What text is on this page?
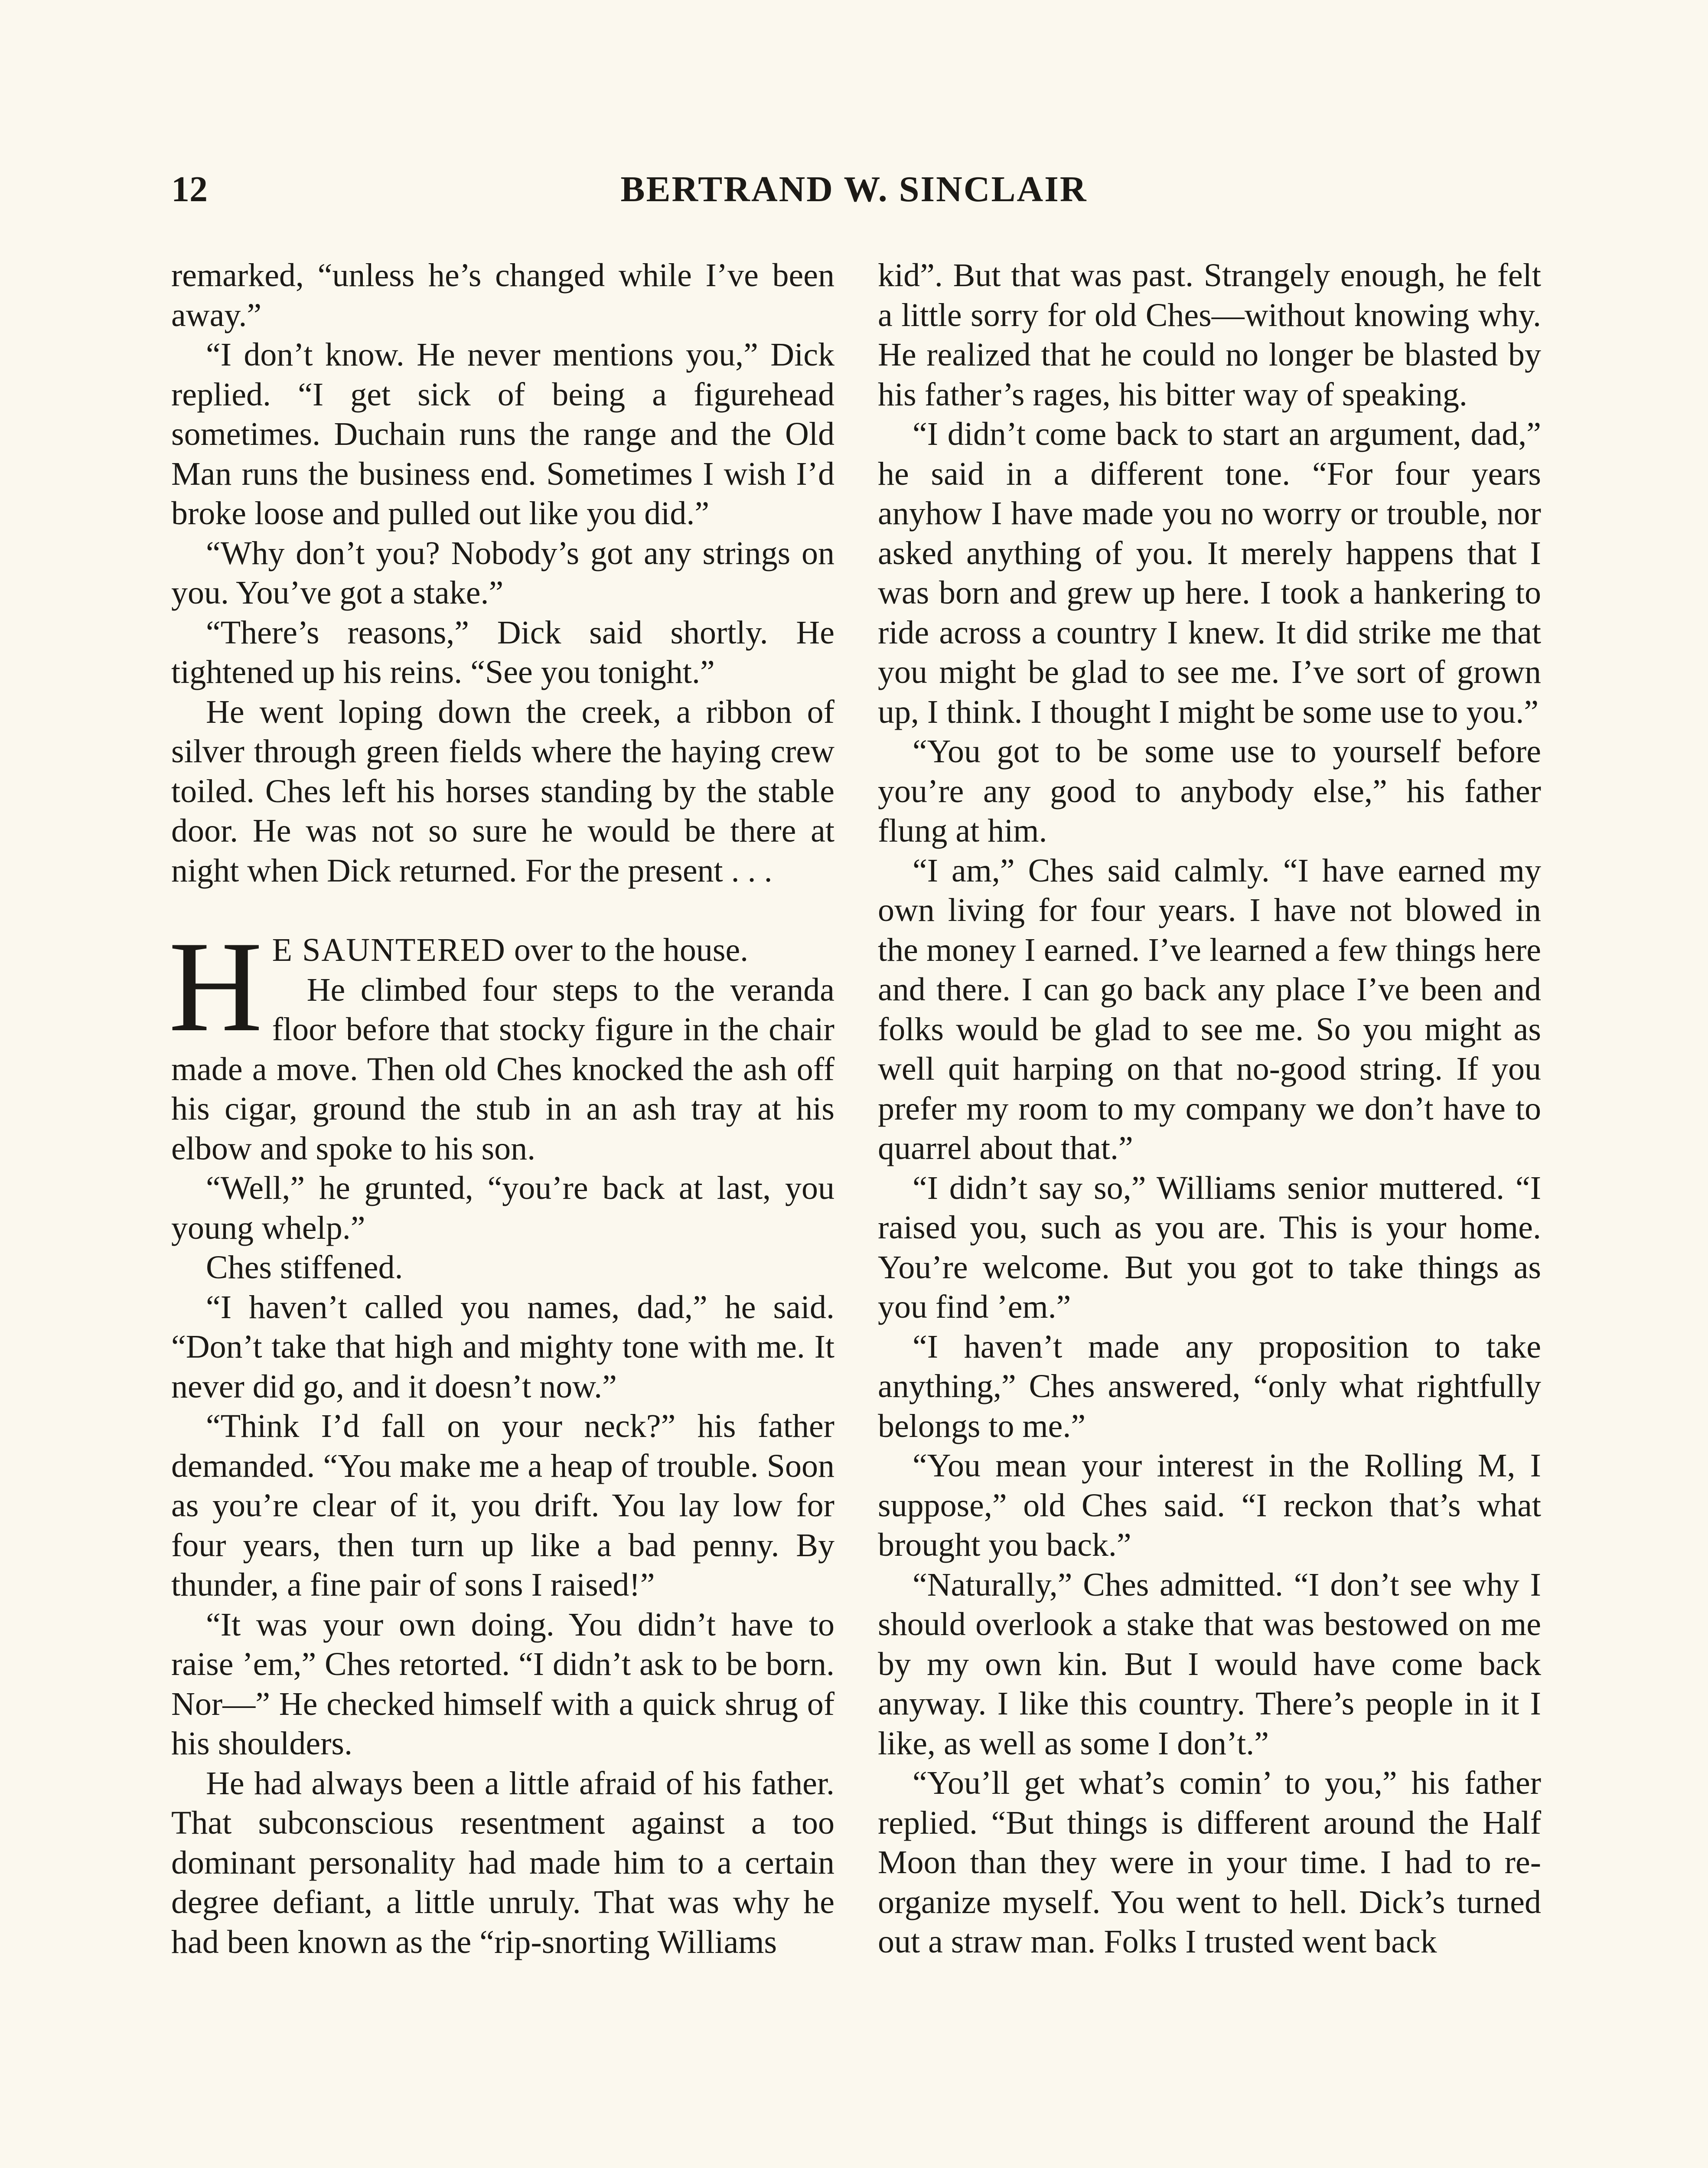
12	BERTRAND W. SINCLAIR

remarked, “unless he’s changed while I’ve been away.”

“I don’t know. He never mentions you,” Dick replied. “I get sick of being a figurehead sometimes. Duchain runs the range and the Old Man runs the business end. Sometimes I wish I’d broke loose and pulled out like you did.”

“Why don’t you? Nobody’s got any strings on you. You’ve got a stake.”

“There’s reasons,” Dick said shortly. He tightened up his reins. “See you tonight.”

He went loping down the creek, a ribbon of silver through green fields where the haying crew toiled. Ches left his horses standing by the stable door. He was not so sure he would be there at night when Dick returned. For the present . . .

H E SAUNTERED over to the house.

He climbed four steps to the veranda floor before that stocky figure in the chair made a move. Then old Ches knocked the ash off his cigar, ground the stub in an ash tray at his elbow and spoke to his son.

“Well,” he grunted, “you’re back at last, you young whelp.”

Ches stiffened.

“I haven’t called you names, dad,” he said. “Don’t take that high and mighty tone with me. It never did go, and it doesn’t now.”

“Think I’d fall on your neck?” his father demanded. “You make me a heap of trouble. Soon as you’re clear of it, you drift. You lay low for four years, then turn up like a bad penny. By thunder, a fine pair of sons I raised!”

“It was your own doing. You didn’t have to raise ’em,” Ches retorted. “I didn’t ask to be born. Nor—” He checked himself with a quick shrug of his shoulders.

He had always been a little afraid of his father. That subconscious resentment against a too dominant personality had made him to a certain degree defiant, a little unruly. That was why he had been known as the “rip-snorting Williams

kid”. But that was past. Strangely enough, he felt a little sorry for old Ches—without knowing why. He realized that he could no longer be blasted by his father’s rages, his bitter way of speaking.

“I didn’t come back to start an argument, dad,” he said in a different tone. “For four years anyhow I have made you no worry or trouble, nor asked anything of you. It merely happens that I was born and grew up here. I took a hankering to ride across a country I knew. It did strike me that you might be glad to see me. I’ve sort of grown up, I think. I thought I might be some use to you.”

“You got to be some use to yourself before you’re any good to anybody else,” his father flung at him.

“I am,” Ches said calmly. “I have earned my own living for four years. I have not blowed in the money I earned. I’ve learned a few things here and there. I can go back any place I’ve been and folks would be glad to see me. So you might as well quit harping on that no-good string. If you prefer my room to my company we don’t have to quarrel about that.”

“I didn’t say so,” Williams senior muttered. “I raised you, such as you are. This is your home. You’re welcome. But you got to take things as you find ’em.”

“I haven’t made any proposition to take anything,” Ches answered, “only what rightfully belongs to me.”

“You mean your interest in the Rolling M, I suppose,” old Ches said. “I reckon that’s what brought you back.”

“Naturally,” Ches admitted. “I don’t see why I should overlook a stake that was bestowed on me by my own kin. But I would have come back anyway. I like this country. There’s people in it I like, as well as some I don’t.”

“You’ll get what’s comin’ to you,” his father replied. “But things is different around the Half Moon than they were in your time. I had to re-organize myself. You went to hell. Dick’s turned out a straw man. Folks I trusted went back
